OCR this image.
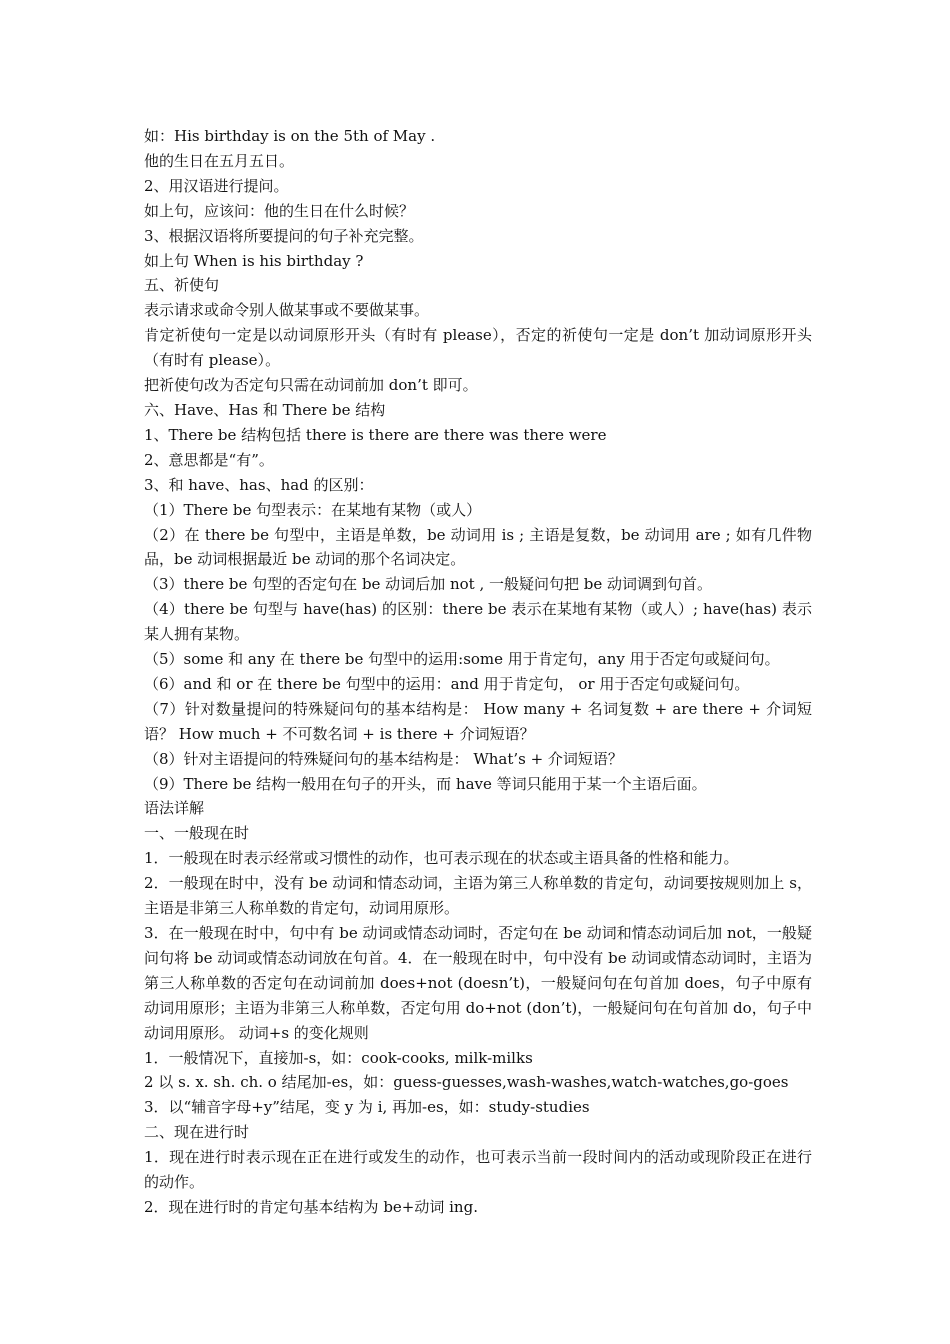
如：His birthday is on the 5th of May .

他的生日在五月五日。

2、用汉语进行提问。

如上句，应该问：他的生日在什么时候？

3、根据汉语将所要提问的句子补充完整。

如上句 When is his birthday ?

五、祈使句

表示请求或命令别人做某事或不要做某事。

肯定祈使句一定是以动词原形开头（有时有 please），否定的祈使句一定是 don’t 加动词原形开头（有时有 please）。

把祈使句改为否定句只需在动词前加 don’t 即可。

六、Have、Has 和 There be 结构

1、There be 结构包括 there is there are there was there were

2、意思都是“有”。

3、和 have、has、had 的区别：

（1）There be 句型表示：在某地有某物（或人）

（2）在 there be 句型中，主语是单数，be 动词用 is ; 主语是复数，be 动词用 are ; 如有几件物品，be 动词根据最近 be 动词的那个名词决定。

（3）there be 句型的否定句在 be 动词后加 not , 一般疑问句把 be 动词调到句首。

（4）there be 句型与 have(has) 的区别：there be 表示在某地有某物（或人）; have(has) 表示某人拥有某物。

（5）some 和 any 在 there be 句型中的运用:some 用于肯定句，any 用于否定句或疑问句。

（6）and 和 or 在 there be 句型中的运用：and 用于肯定句， or 用于否定句或疑问句。

（7）针对数量提问的特殊疑问句的基本结构是： How many + 名词复数 + are there + 介词短语？ How much + 不可数名词 + is there + 介词短语？

（8）针对主语提问的特殊疑问句的基本结构是： What’s + 介词短语？

（9）There be 结构一般用在句子的开头，而 have 等词只能用于某一个主语后面。

语法详解

一、一般现在时

1．一般现在时表示经常或习惯性的动作，也可表示现在的状态或主语具备的性格和能力。

2．一般现在时中，没有 be 动词和情态动词，主语为第三人称单数的肯定句，动词要按规则加上 s，主语是非第三人称单数的肯定句，动词用原形。

3．在一般现在时中，句中有 be 动词或情态动词时，否定句在 be 动词和情态动词后加 not，一般疑问句将 be 动词或情态动词放在句首。4．在一般现在时中，句中没有 be 动词或情态动词时，主语为第三人称单数的否定句在动词前加 does+not (doesn’t)，一般疑问句在句首加 does，句子中原有动词用原形；主语为非第三人称单数，否定句用 do+not (don’t)，一般疑问句在句首加 do，句子中动词用原形。 动词+s 的变化规则

1．一般情况下，直接加-s，如：cook-cooks, milk-milks

2 以 s. x. sh. ch. o 结尾加-es，如：guess-guesses,wash-washes,watch-watches,go-goes

3．以“辅音字母+y”结尾，变 y 为 i, 再加-es，如：study-studies

二、现在进行时

1．现在进行时表示现在正在进行或发生的动作，也可表示当前一段时间内的活动或现阶段正在进行的动作。

2．现在进行时的肯定句基本结构为 be+动词 ing.
